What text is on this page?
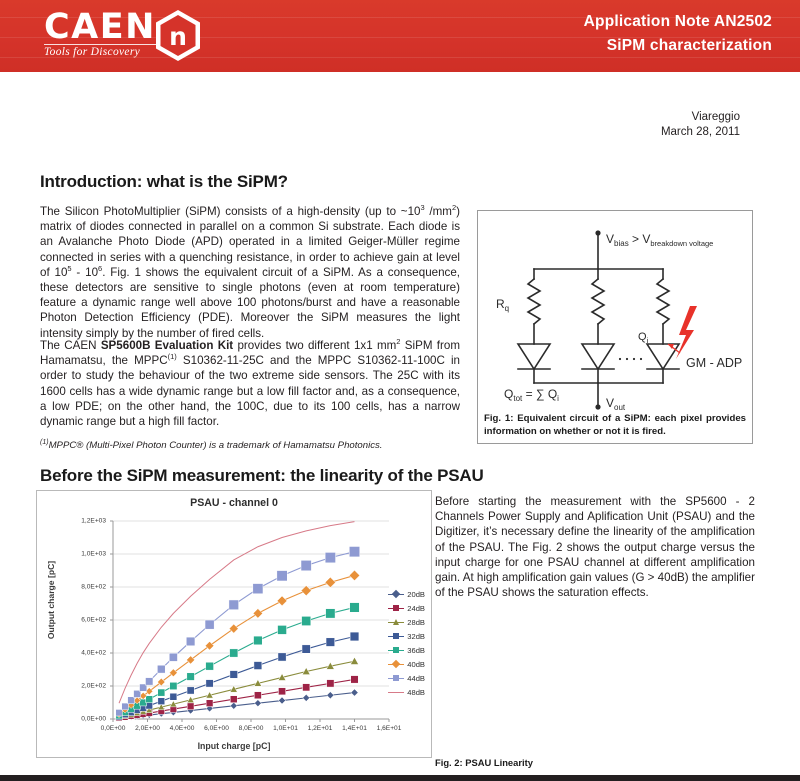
CAEN
Tools for Discovery
n
Application Note AN2502
SiPM characterization
Viareggio
March 28, 2011
Introduction: what is the SiPM?
The Silicon PhotoMultiplier (SiPM) consists of a high-density (up to $\sim 10^3$ $/mm^2$) matrix of diodes connected in parallel on a common Si substrate. Each diode is an Avalanche Photo Diode (APD) operated in a limited Geiger-Müller regime connected in series with a quenching resistance, in order to achieve gain at level of $10^5 - 10^6$. Fig. 1 shows the equivalent circuit of a SiPM. As a consequence, these detectors are sensitive to single photons (even at room temperature) feature a dynamic range well above 100 photons/burst and have a reasonable Photon Detection Efficiency (PDE). Moreover the SiPM measures the light intensity simply by the number of fired cells.
The CAEN SP5600B Evaluation Kit provides two different 1x1 $mm^2$ SiPM from Hamamatsu, the MPPC$^{(1)}$ S10362-11-25C and the MPPC S10362-11-100C in order to study the behaviour of the two extreme side sensors. The 25C with its 1600 cells has a wide dynamic range but a low fill factor and, as a consequence, a low PDE; on the other hand, the 100C, due to its 100 cells, has a narrow dynamic range but a high fill factor.
$^{(1)}$MPPC® (Multi-Pixel Photon Counter) is a trademark of Hamamatsu Photonics.
$V_{bias} > V_{breakdown voltage}$
$R_q$
$Q_i$
GM - ADP
$Q_{tot}$ = ∑ $Q_i$	$V_{out}$
Fig. 1: Equivalent circuit of a SiPM: each pixel provides information on whether or not it is fired.
Before the SiPM measurement: the linearity of the PSAU
Before starting the measurement with the SP5600 - 2 Channels Power Supply and Aplification Unit (PSAU) and the Digitizer, it’s necessary define the linearity of the amplification of the PSAU. The Fig. 2 shows the output charge versus the input charge for one PSAU channel at different amplification gain. At high amplification gain values (G > 40dB) the amplifier of the PSAU shows the saturation effects.
PSAU - channel 0
Output charge [pC]
Input charge [pC]
0,0E+00
2,0E+02
4,0E+02
6,0E+02
8,0E+02
1,0E+03
1,2E+03
0,0E+00 2,0E+00 4,0E+00 6,0E+00 8,0E+00 1,0E+01 1,2E+01 1,4E+01 1,6E+01
20dB
24dB
28dB
32dB
36dB
40dB
44dB
48dB
Fig. 2: PSAU Linearity
